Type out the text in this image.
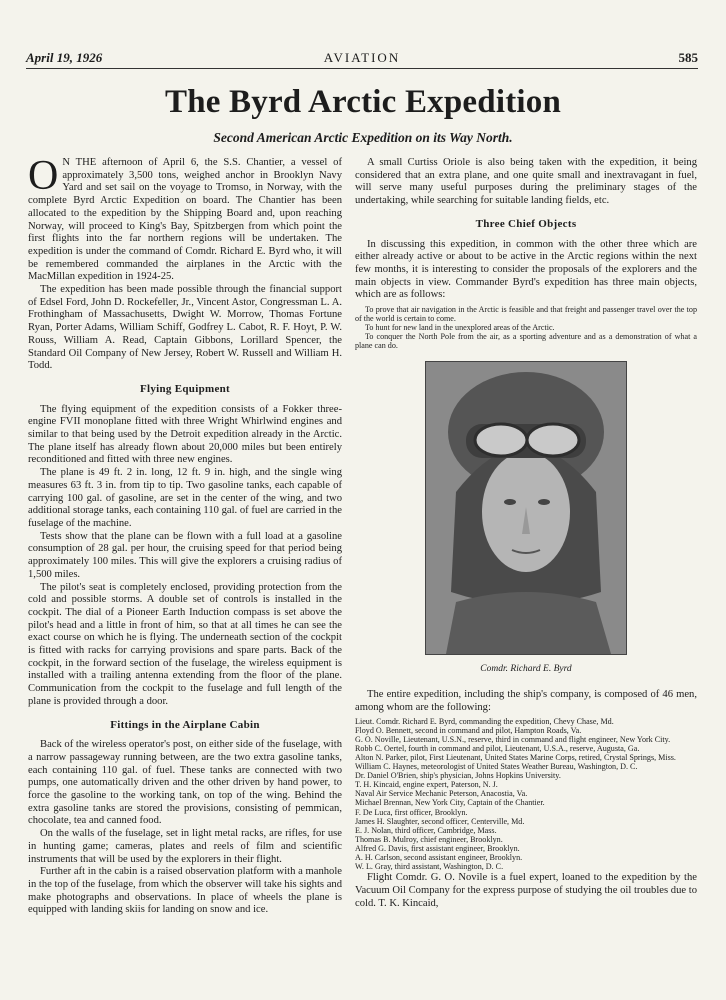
April 19, 1926	AVIATION	585
The Byrd Arctic Expedition
Second American Arctic Expedition on its Way North.

O N THE afternoon of April 6, the S.S. Chantier, a vessel of approximately 3,500 tons, weighed anchor in Brooklyn Navy Yard and set sail on the voyage to Tromso, in Norway, with the complete Byrd Arctic Expedition on board. The Chantier has been allocated to the expedition by the Shipping Board and, upon reaching Norway, will proceed to King's Bay, Spitzbergen from which point the first flights into the far northern regions will be undertaken. The expedition is under the command of Comdr. Richard E. Byrd who, it will be remembered commanded the airplanes in the Arctic with the MacMillan expedition in 1924-25.

The expedition has been made possible through the financial support of Edsel Ford, John D. Rockefeller, Jr., Vincent Astor, Congressman L. A. Frothingham of Massachusetts, Dwight W. Morrow, Thomas Fortune Ryan, Porter Adams, William Schiff, Godfrey L. Cabot, R. F. Hoyt, P. W. Rouss, William A. Read, Captain Gibbons, Lorillard Spencer, the Standard Oil Company of New Jersey, Robert W. Russell and William H. Todd.

Flying Equipment

The flying equipment of the expedition consists of a Fokker three-engine FVII monoplane fitted with three Wright Whirlwind engines and similar to that being used by the Detroit expedition already in the Arctic. The plane itself has already flown about 20,000 miles but been entirely reconditioned and fitted with three new engines.

The plane is 49 ft. 2 in. long, 12 ft. 9 in. high, and the single wing measures 63 ft. 3 in. from tip to tip. Two gasoline tanks, each capable of carrying 100 gal. of gasoline, are set in the center of the wing, and two additional storage tanks, each containing 110 gal. of fuel are carried in the fuselage of the machine.

Tests show that the plane can be flown with a full load at a gasoline consumption of 28 gal. per hour, the cruising speed for that period being approximately 100 miles. This will give the explorers a cruising radius of 1,500 miles.

The pilot's seat is completely enclosed, providing protection from the cold and possible storms. A double set of controls is installed in the cockpit. The dial of a Pioneer Earth Induction compass is set above the pilot's head and a little in front of him, so that at all times he can see the exact course on which he is flying. The underneath section of the cockpit is fitted with racks for carrying provisions and spare parts. Back of the cockpit, in the forward section of the fuselage, the wireless equipment is installed with a trailing antenna extending from the floor of the plane. Communication from the cockpit to the fuselage and full length of the plane is provided through a door.

Fittings in the Airplane Cabin

Back of the wireless operator's post, on either side of the fuselage, with a narrow passageway running between, are the two extra gasoline tanks, each containing 110 gal. of fuel. These tanks are connected with two pumps, one automatically driven and the other driven by hand power, to force the gasoline to the working tank, on top of the wing. Behind the extra gasoline tanks are stored the provisions, consisting of pemmican, chocolate, tea and canned food.

On the walls of the fuselage, set in light metal racks, are rifles, for use in hunting game; cameras, plates and reels of film and scientific instruments that will be used by the explorers in their flight.

Further aft in the cabin is a raised observation platform with a manhole in the top of the fuselage, from which the observer will take his sights and make photographs and observations. In place of wheels the plane is equipped with landing skiis for landing on snow and ice.

A small Curtiss Oriole is also being taken with the expedition, it being considered that an extra plane, and one quite small and inextravagant in fuel, will serve many useful purposes during the preliminary stages of the undertaking, while searching for suitable landing fields, etc.

Three Chief Objects

In discussing this expedition, in common with the other three which are either already active or about to be active in the Arctic regions within the next few months, it is interesting to consider the proposals of the explorers and the main objects in view. Commander Byrd's expedition has three main objects, which are as follows:

To prove that air navigation in the Arctic is feasible and that freight and passenger travel over the top of the world is certain to come.
To hunt for new land in the unexplored areas of the Arctic.
To conquer the North Pole from the air, as a sporting adventure and as a demonstration of what a plane can do.
Comdr. Richard E. Byrd

The entire expedition, including the ship's company, is composed of 46 men, among whom are the following:

Lieut. Comdr. Richard E. Byrd, commanding the expedition, Chevy Chase, Md.
Floyd O. Bennett, second in command and pilot, Hampton Roads, Va.
G. O. Noville, Lieutenant, U.S.N., reserve, third in command and flight engineer, New York City.
Robb C. Oertel, fourth in command and pilot, Lieutenant, U.S.A., reserve, Augusta, Ga.
Alton N. Parker, pilot, First Lieutenant, United States Marine Corps, retired, Crystal Springs, Miss.
William C. Haynes, meteorologist of United States Weather Bureau, Washington, D. C.
Dr. Daniel O'Brien, ship's physician, Johns Hopkins University.
T. H. Kincaid, engine expert, Paterson, N. J.
Naval Air Service Mechanic Peterson, Anacostia, Va.
Michael Brennan, New York City, Captain of the Chantier.
F. De Luca, first officer, Brooklyn.
James H. Slaughter, second officer, Centerville, Md.
E. J. Nolan, third officer, Cambridge, Mass.
Thomas B. Mulroy, chief engineer, Brooklyn.
Alfred G. Davis, first assistant engineer, Brooklyn.
A. H. Carlson, second assistant engineer, Brooklyn.
W. L. Gray, third assistant, Washington, D. C.

Flight Comdr. G. O. Novile is a fuel expert, loaned to the expedition by the Vacuum Oil Company for the express purpose of studying the oil troubles due to cold. T. K. Kincaid,
